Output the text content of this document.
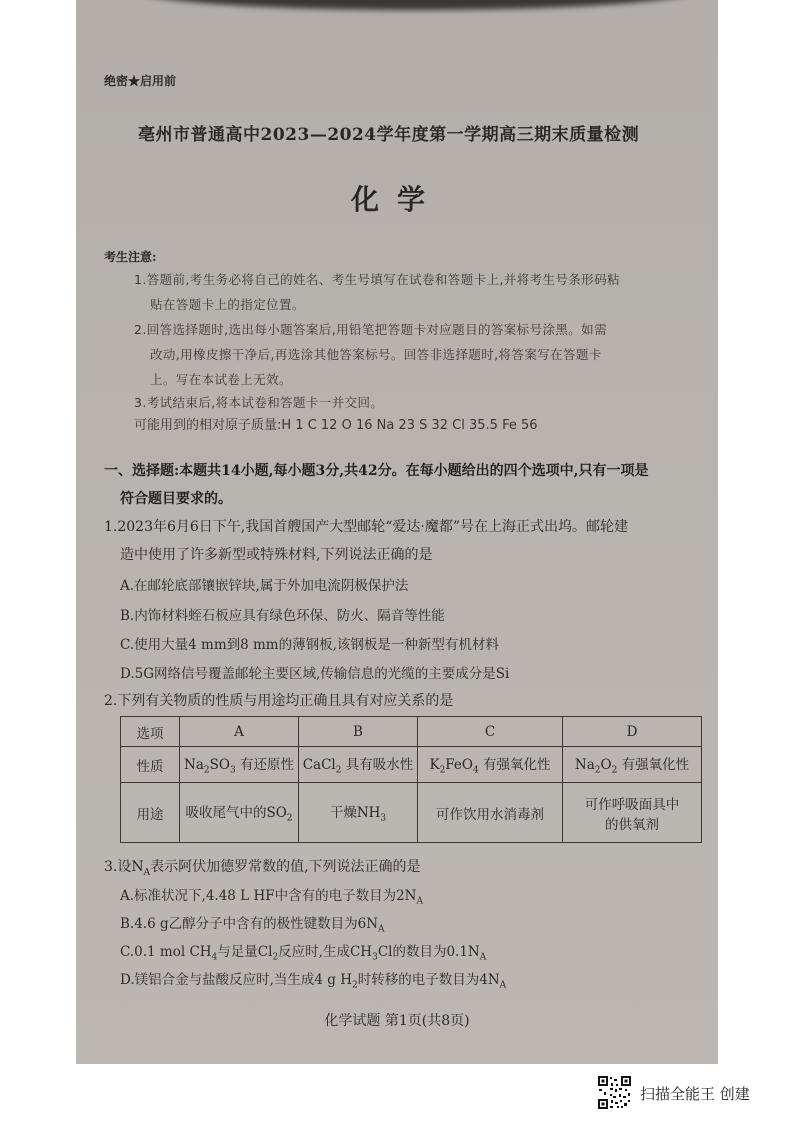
绝密★启用前
亳州市普通高中2023—2024学年度第一学期高三期末质量检测
化学
考生注意:
1.答题前,考生务必将自己的姓名、考生号填写在试卷和答题卡上,并将考生号条形码粘
贴在答题卡上的指定位置。
2.回答选择题时,选出每小题答案后,用铅笔把答题卡对应题目的答案标号涂黑。如需
改动,用橡皮擦干净后,再选涂其他答案标号。回答非选择题时,将答案写在答题卡
上。写在本试卷上无效。
3.考试结束后,将本试卷和答题卡一并交回。
可能用到的相对原子质量:H 1 C 12 O 16 Na 23 S 32 Cl 35.5 Fe 56
一、选择题:本题共14小题,每小题3分,共42分。在每小题给出的四个选项中,只有一项是
符合题目要求的。
1.2023年6月6日下午,我国首艘国产大型邮轮“爱达·魔都”号在上海正式出坞。邮轮建
造中使用了许多新型或特殊材料,下列说法正确的是
A.在邮轮底部镶嵌锌块,属于外加电流阴极保护法
B.内饰材料蛭石板应具有绿色环保、防火、隔音等性能
C.使用大量4 mm到8 mm的薄钢板,该钢板是一种新型有机材料
D.5G网络信号覆盖邮轮主要区域,传输信息的光缆的主要成分是Si
2.下列有关物质的性质与用途均正确且具有对应关系的是
选项	A	B	C	D
性质	$Na_2SO_3$ 有还原性	CaCl$_2$ 具有吸水性	$K_2FeO_4$ 有强氧化性	$Na_2O_2$ 有强氧化性
用途	吸收尾气中的$SO_2$	干燥$NH_3$	可作饮用水消毒剂	可作呼吸面具中
的供氧剂
3.设$N_A$表示阿伏加德罗常数的值,下列说法正确的是
A.标准状况下,4.48 L HF中含有的电子数目为$2N_A$
B.4.6 g乙醇分子中含有的极性键数目为$6N_A$
C.0.1 mol $CH_4$与足量$Cl_2$反应时,生成$CH_3Cl$的数目为$0.1N_A$
D.镁铝合金与盐酸反应时,当生成4 g $H_2$时转移的电子数目为$4N_A$
化学试题 第1页(共8页)
扫描全能王 创建
